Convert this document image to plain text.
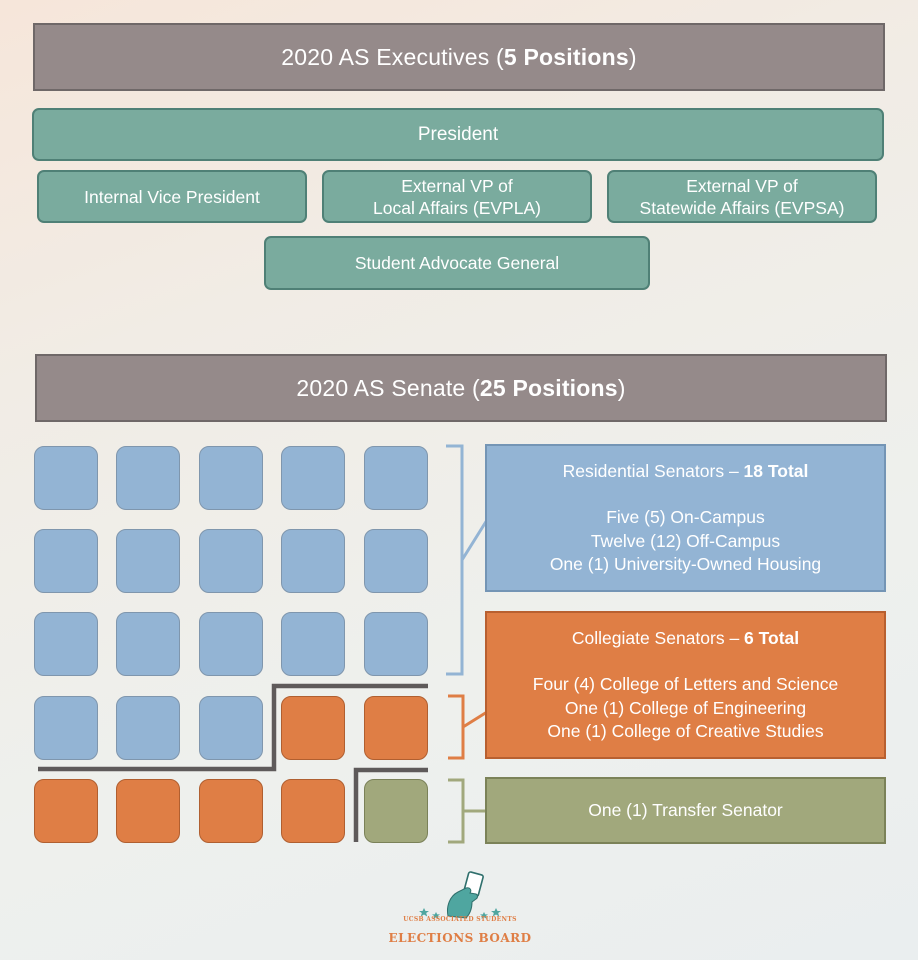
2020 AS Executives ( 5 Positions )
President
Internal Vice President
External VP of
Local Affairs (EVPLA)
External VP of
Statewide Affairs (EVPSA)
Student Advocate General
2020 AS Senate ( 25 Positions )
Residential Senators – 18 Total
Five (5) On-Campus
Twelve (12) Off-Campus
One (1) University-Owned Housing
Collegiate Senators – 6 Total
Four (4) College of Letters and Science
One (1) College of Engineering
One (1) College of Creative Studies
One (1) Transfer Senator
UCSB ASSOCIATED STUDENTS
ELECTIONS BOARD
